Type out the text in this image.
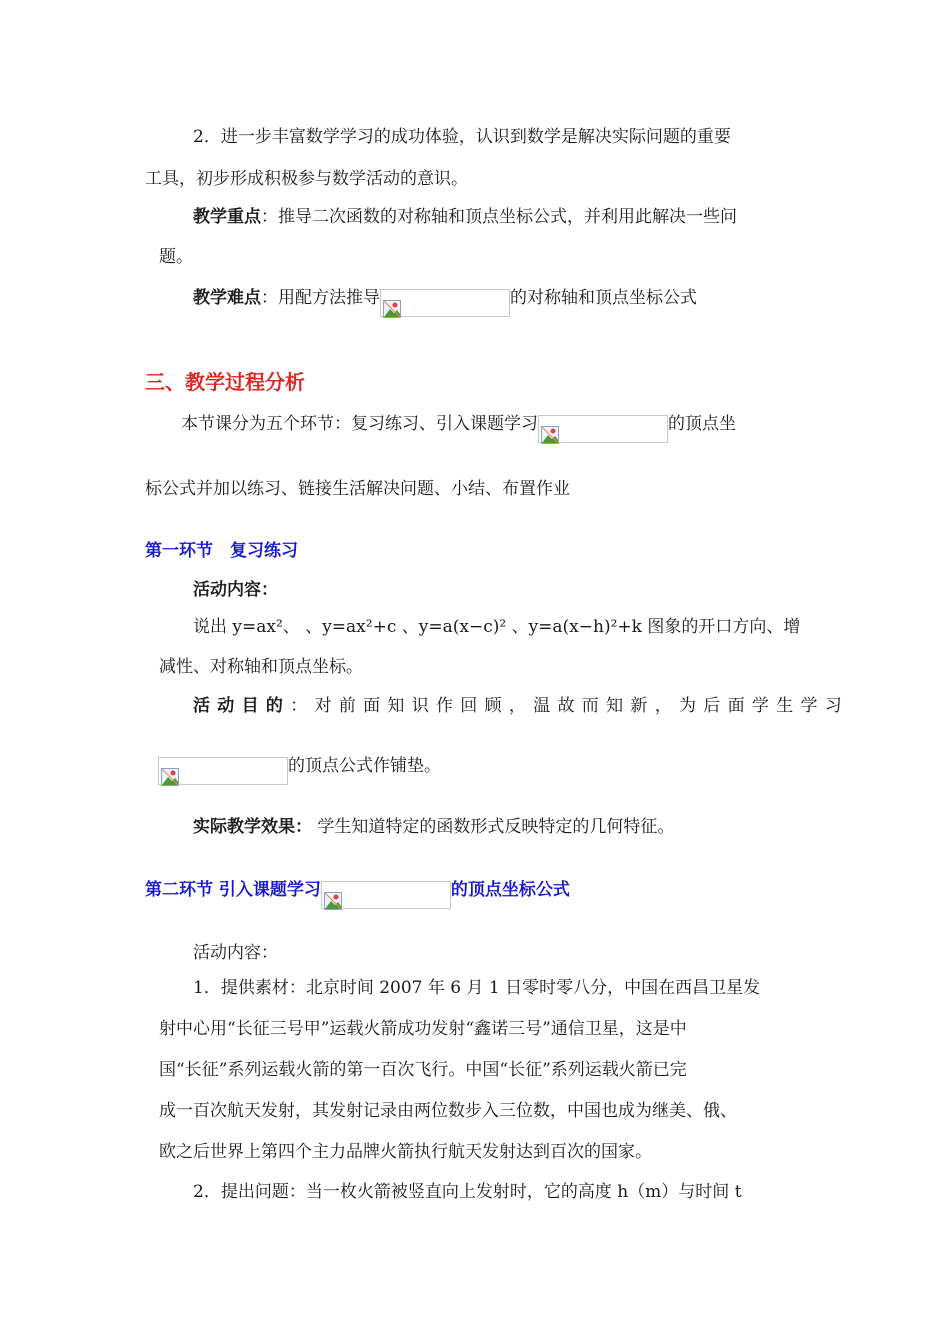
2．进一步丰富数学学习的成功体验，认识到数学是解决实际问题的重要
工具，初步形成积极参与数学活动的意识。
教学重点：推导二次函数的对称轴和顶点坐标公式，并利用此解决一些问
题。
教学难点：用配方法推导	的对称轴和顶点坐标公式
三、教学过程分析
本节课分为五个环节：复习练习、引入课题学习	的顶点坐
标公式并加以练习、链接生活解决问题、小结、布置作业
第一环节　复习练习
活动内容：
说出 y=ax²、 、y=ax²+c 、y=a(x−c)² 、y=a(x−h)²+k 图象的开口方向、增
减性、对称轴和顶点坐标。
活动目的：对前面知识作回顾，温故而知新，为后面学生学习
的顶点公式作铺垫。
实际教学效果： 学生知道特定的函数形式反映特定的几何特征。
第二环节 引入课题学习	的顶点坐标公式
活动内容：
1．提供素材：北京时间 2007 年 6 月 1 日零时零八分，中国在西昌卫星发
射中心用“长征三号甲”运载火箭成功发射“鑫诺三号”通信卫星，这是中
国“长征”系列运载火箭的第一百次飞行。中国“长征”系列运载火箭已完
成一百次航天发射，其发射记录由两位数步入三位数，中国也成为继美、俄、
欧之后世界上第四个主力品牌火箭执行航天发射达到百次的国家。
2．提出问题：当一枚火箭被竖直向上发射时，它的高度 h（m）与时间 t
